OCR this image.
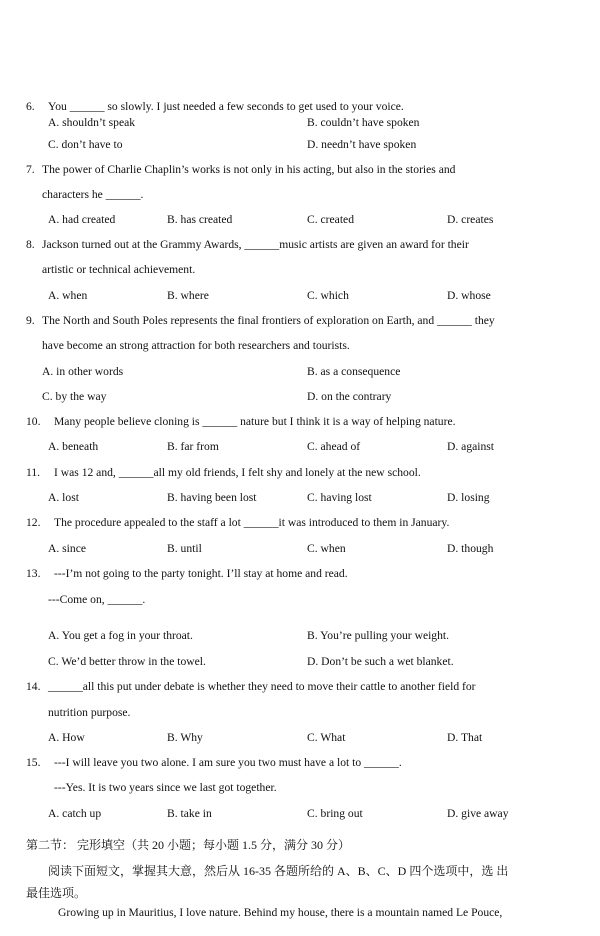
6. You ______ so slowly. I just needed a few seconds to get used to your voice.
A. shouldn’t speak	B. couldn’t have spoken
C. don’t have to	D. needn’t have spoken
7. The power of Charlie Chaplin’s works is not only in his acting, but also in the stories and
characters he ______.
A. had created	B. has created	C. created	D. creates
8. Jackson turned out at the Grammy Awards, ______music artists are given an award for their
artistic or technical achievement.
A. when	B. where	C. which	D. whose
9. The North and South Poles represents the final frontiers of exploration on Earth, and ______ they
have become an strong attraction for both researchers and tourists.
A. in other words	B. as a consequence
C. by the way	D. on the contrary
10. Many people believe cloning is ______ nature but I think it is a way of helping nature.
A. beneath	B. far from	C. ahead of	D. against
11. I was 12 and, ______all my old friends, I felt shy and lonely at the new school.
A. lost	B. having been lost	C. having lost	D. losing
12. The procedure appealed to the staff a lot ______it was introduced to them in January.
A. since	B. until	C. when	D. though
13. ---I’m not going to the party tonight. I’ll stay at home and read.
---Come on, ______.
A. You get a fog in your throat.	B. You’re pulling your weight.
C. We’d better throw in the towel.	D. Don’t be such a wet blanket.
14. ______all this put under debate is whether they need to move their cattle to another field for
nutrition purpose.
A. How	B. Why	C. What	D. That
15. ---I will leave you two alone. I am sure you two must have a lot to ______.
---Yes. It is two years since we last got together.
A. catch up	B. take in	C. bring out	D. give away
第二节： 完形填空（共 20 小题；每小题 1.5 分，满分 30 分）
阅读下面短文，掌握其大意，然后从 16-35 各题所给的 A、B、C、D 四个选项中，选 出
最佳选项。
Growing up in Mauritius, I love nature. Behind my house, there is a mountain named Le Pouce,
